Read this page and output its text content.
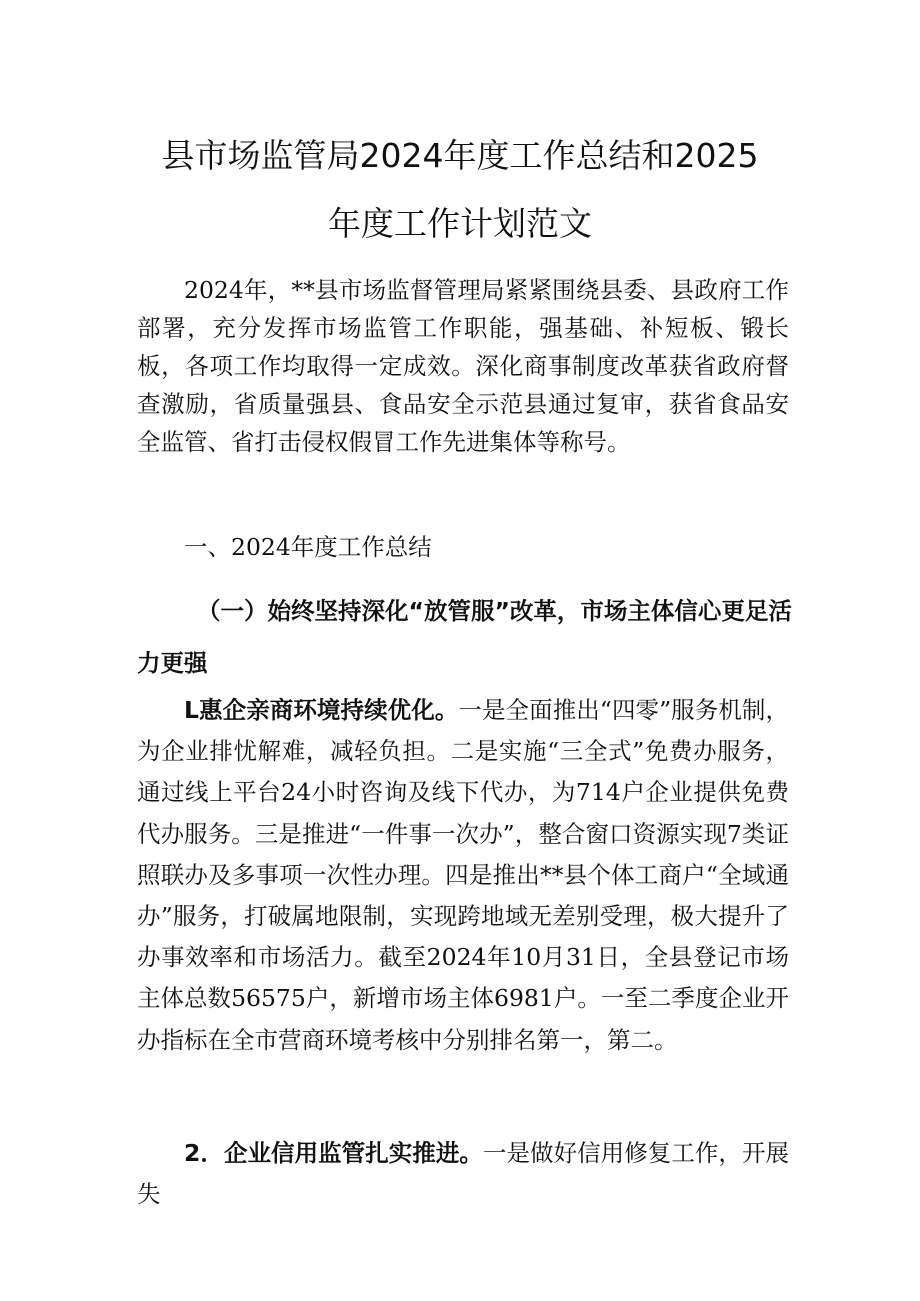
县市场监管局2024年度工作总结和2025
年度工作计划范文

2024年，**县市场监督管理局紧紧围绕县委、县政府工作部署，充分发挥市场监管工作职能，强基础、补短板、锻长板，各项工作均取得一定成效。深化商事制度改革获省政府督查激励，省质量强县、食品安全示范县通过复审，获省食品安全监管、省打击侵权假冒工作先进集体等称号。

一、2024年度工作总结
（一）始终坚持深化“放管服”改革，市场主体信心更足活力更强

L惠企亲商环境持续优化。一是全面推出“四零”服务机制，为企业排忧解难，减轻负担。二是实施“三全式”免费办服务，通过线上平台24小时咨询及线下代办，为714户企业提供免费代办服务。三是推进“一件事一次办”，整合窗口资源实现7类证照联办及多事项一次性办理。四是推出**县个体工商户“全域通办”服务，打破属地限制，实现跨地域无差别受理，极大提升了办事效率和市场活力。截至2024年10月31日，全县登记市场主体总数56575户，新增市场主体6981户。一至二季度企业开办指标在全市营商环境考核中分别排名第一，第二。

2．企业信用监管扎实推进。一是做好信用修复工作，开展失
